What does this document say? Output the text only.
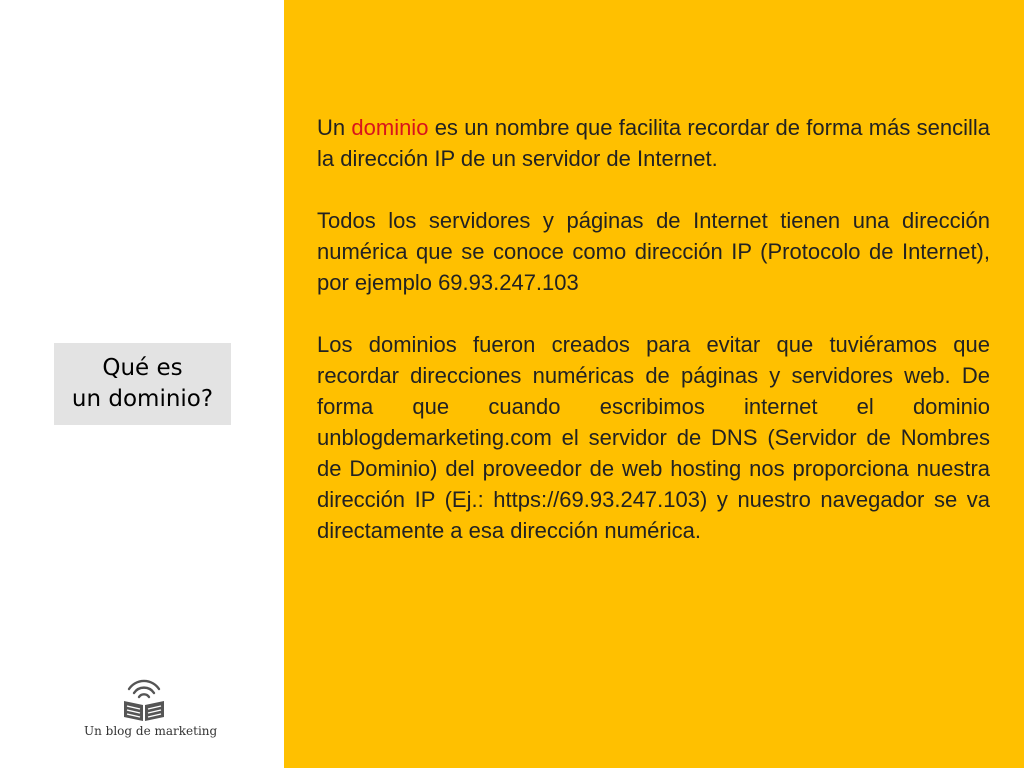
Qué es
un dominio?
Un blog de marketing

Un dominio es un nombre que facilita recordar de forma más sencilla la dirección IP de un servidor de Internet.

Todos los servidores y páginas de Internet tienen una dirección numérica que se conoce como dirección IP (Protocolo de Internet), por ejemplo 69.93.247.103

Los dominios fueron creados para evitar que tuviéramos que recordar direcciones numéricas de páginas y servidores web. De forma que cuando escribimos internet el dominio unblogdemarketing.com el servidor de DNS (Servidor de Nombres de Dominio) del proveedor de web hosting nos proporciona nuestra dirección IP (Ej.: https://69.93.247.103) y nuestro navegador se va directamente a esa dirección numérica.
